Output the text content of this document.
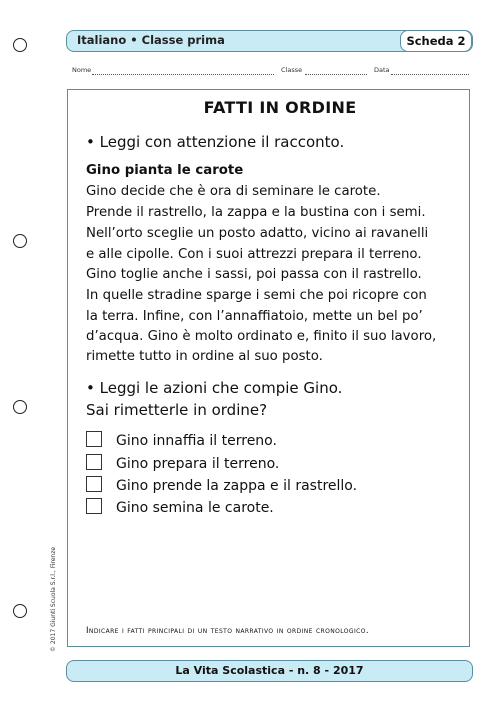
Italiano • Classe prima	Scheda 2
Nome	Classe	Data
FATTI IN ORDINE
• Leggi con attenzione il racconto.
Gino pianta le carote
Gino decide che è ora di seminare le carote.
Prende il rastrello, la zappa e la bustina con i semi.
Nell’orto sceglie un posto adatto, vicino ai ravanelli
e alle cipolle. Con i suoi attrezzi prepara il terreno.
Gino toglie anche i sassi, poi passa con il rastrello.
In quelle stradine sparge i semi che poi ricopre con
la terra. Infine, con l’annaffiatoio, mette un bel po’
d’acqua. Gino è molto ordinato e, finito il suo lavoro,
rimette tutto in ordine al suo posto.
• Leggi le azioni che compie Gino.
Sai rimetterle in ordine?
Gino innaffia il terreno.
Gino prepara il terreno.
Gino prende la zappa e il rastrello.
Gino semina le carote.
Indicare i fatti principali di un testo narrativo in ordine cronologico.
© 2017 Giunti Scuola S.r.l., Firenze
La Vita Scolastica - n. 8 - 2017
